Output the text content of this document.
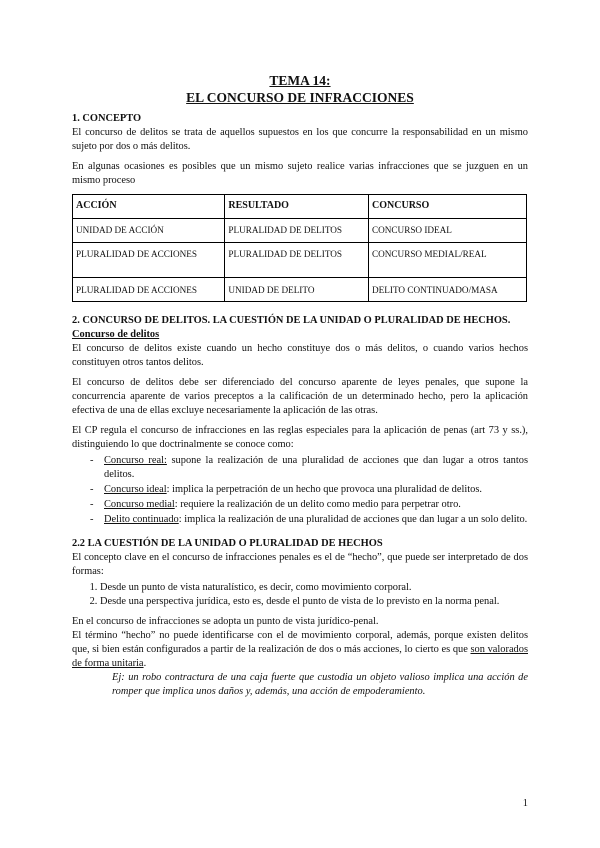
TEMA 14:
EL CONCURSO DE INFRACCIONES
1. CONCEPTO

El concurso de delitos se trata de aquellos supuestos en los que concurre la responsabilidad en un mismo sujeto por dos o más delitos.

En algunas ocasiones es posibles que un mismo sujeto realice varias infracciones que se juzguen en un mismo proceso

ACCIÓN	RESULTADO	CONCURSO
UNIDAD DE ACCIÓN	PLURALIDAD DE DELITOS	CONCURSO IDEAL
PLURALIDAD DE ACCIONES	PLURALIDAD DE DELITOS	CONCURSO MEDIAL/REAL
PLURALIDAD DE ACCIONES	UNIDAD DE DELITO	DELITO CONTINUADO/MASA
2. CONCURSO DE DELITOS. LA CUESTIÓN DE LA UNIDAD O PLURALIDAD DE HECHOS.
Concurso de delitos

El concurso de delitos existe cuando un hecho constituye dos o más delitos, o cuando varios hechos constituyen otros tantos delitos.

El concurso de delitos debe ser diferenciado del concurso aparente de leyes penales, que supone la concurrencia aparente de varios preceptos a la calificación de un determinado hecho, pero la aplicación efectiva de una de ellas excluye necesariamente la aplicación de las otras.

El CP regula el concurso de infracciones en las reglas especiales para la aplicación de penas (art 73 y ss.), distinguiendo lo que doctrinalmente se conoce como:

- Concurso real: supone la realización de una pluralidad de acciones que dan lugar a otros tantos delitos.
- Concurso ideal: implica la perpetración de un hecho que provoca una pluralidad de delitos.
- Concurso medial: requiere la realización de un delito como medio para perpetrar otro.
- Delito continuado: implica la realización de una pluralidad de acciones que dan lugar a un solo delito.
2.2 LA CUESTIÓN DE LA UNIDAD O PLURALIDAD DE HECHOS

El concepto clave en el concurso de infracciones penales es el de “hecho”, que puede ser interpretado de dos formas:

1. Desde un punto de vista naturalístico, es decir, como movimiento corporal.
2. Desde una perspectiva jurídica, esto es, desde el punto de vista de lo previsto en la norma penal.

En el concurso de infracciones se adopta un punto de vista jurídico-penal.

El término “hecho” no puede identificarse con el de movimiento corporal, además, porque existen delitos que, si bien están configurados a partir de la realización de dos o más acciones, lo cierto es que son valorados de forma unitaria.

Ej: un robo contractura de una caja fuerte que custodia un objeto valioso implica una acción de romper que implica unos daños y, además, una acción de empoderamiento.

1
